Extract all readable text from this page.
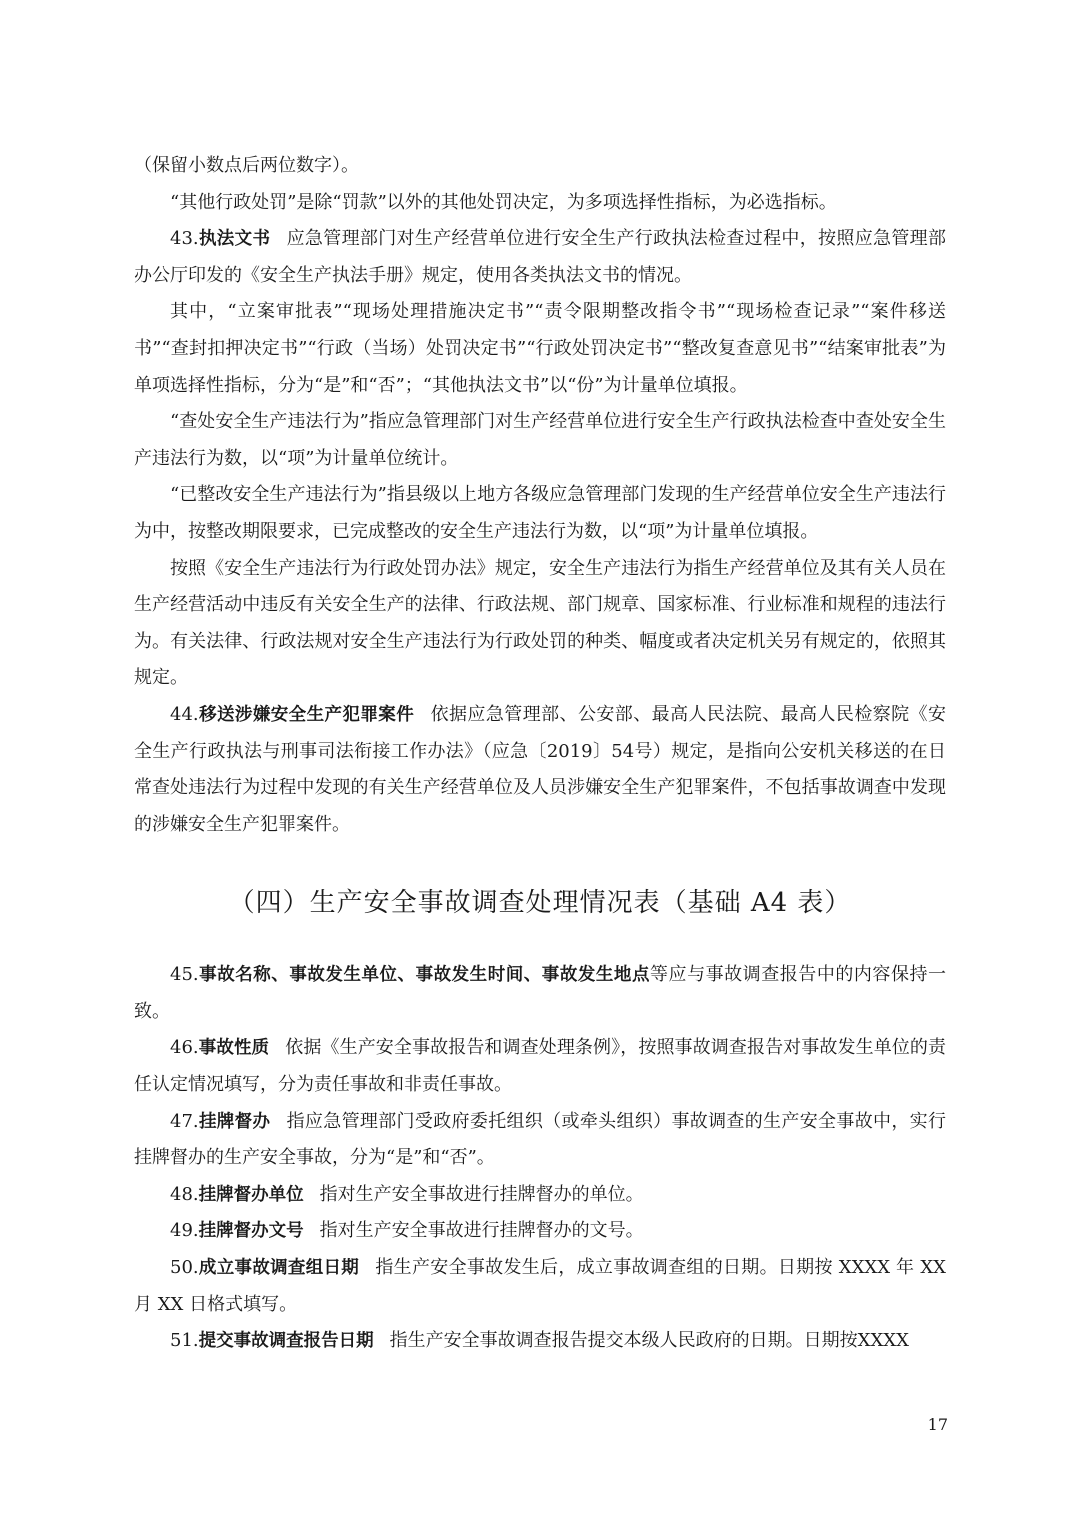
（保留小数点后两位数字）。

“其他行政处罚”是除“罚款”以外的其他处罚决定，为多项选择性指标，为必选指标。

43.执法文书 应急管理部门对生产经营单位进行安全生产行政执法检查过程中，按照应急管理部办公厅印发的《安全生产执法手册》规定，使用各类执法文书的情况。

其中，“立案审批表”“现场处理措施决定书”“责令限期整改指令书”“现场检查记录”“案件移送书”“查封扣押决定书”“行政（当场）处罚决定书”“行政处罚决定书”“整改复查意见书”“结案审批表”为单项选择性指标，分为“是”和“否”；“其他执法文书”以“份”为计量单位填报。

“查处安全生产违法行为”指应急管理部门对生产经营单位进行安全生产行政执法检查中查处安全生产违法行为数，以“项”为计量单位统计。

“已整改安全生产违法行为”指县级以上地方各级应急管理部门发现的生产经营单位安全生产违法行为中，按整改期限要求，已完成整改的安全生产违法行为数，以“项”为计量单位填报。

按照《安全生产违法行为行政处罚办法》规定，安全生产违法行为指生产经营单位及其有关人员在生产经营活动中违反有关安全生产的法律、行政法规、部门规章、国家标准、行业标准和规程的违法行为。有关法律、行政法规对安全生产违法行为行政处罚的种类、幅度或者决定机关另有规定的，依照其规定。

44.移送涉嫌安全生产犯罪案件 依据应急管理部、公安部、最高人民法院、最高人民检察院《安全生产行政执法与刑事司法衔接工作办法》（应急〔2019〕54号）规定，是指向公安机关移送的在日常查处违法行为过程中发现的有关生产经营单位及人员涉嫌安全生产犯罪案件，不包括事故调查中发现的涉嫌安全生产犯罪案件。

（四）生产安全事故调查处理情况表（基础 A4 表）

45.事故名称、事故发生单位、事故发生时间、事故发生地点等应与事故调查报告中的内容保持一致。

46.事故性质 依据《生产安全事故报告和调查处理条例》，按照事故调查报告对事故发生单位的责任认定情况填写，分为责任事故和非责任事故。

47.挂牌督办 指应急管理部门受政府委托组织（或牵头组织）事故调查的生产安全事故中，实行挂牌督办的生产安全事故，分为“是”和“否”。

48.挂牌督办单位 指对生产安全事故进行挂牌督办的单位。

49.挂牌督办文号 指对生产安全事故进行挂牌督办的文号。

50.成立事故调查组日期 指生产安全事故发生后，成立事故调查组的日期。日期按 XXXX 年 XX 月 XX 日格式填写。

51.提交事故调查报告日期 指生产安全事故调查报告提交本级人民政府的日期。日期按XXXX

17
